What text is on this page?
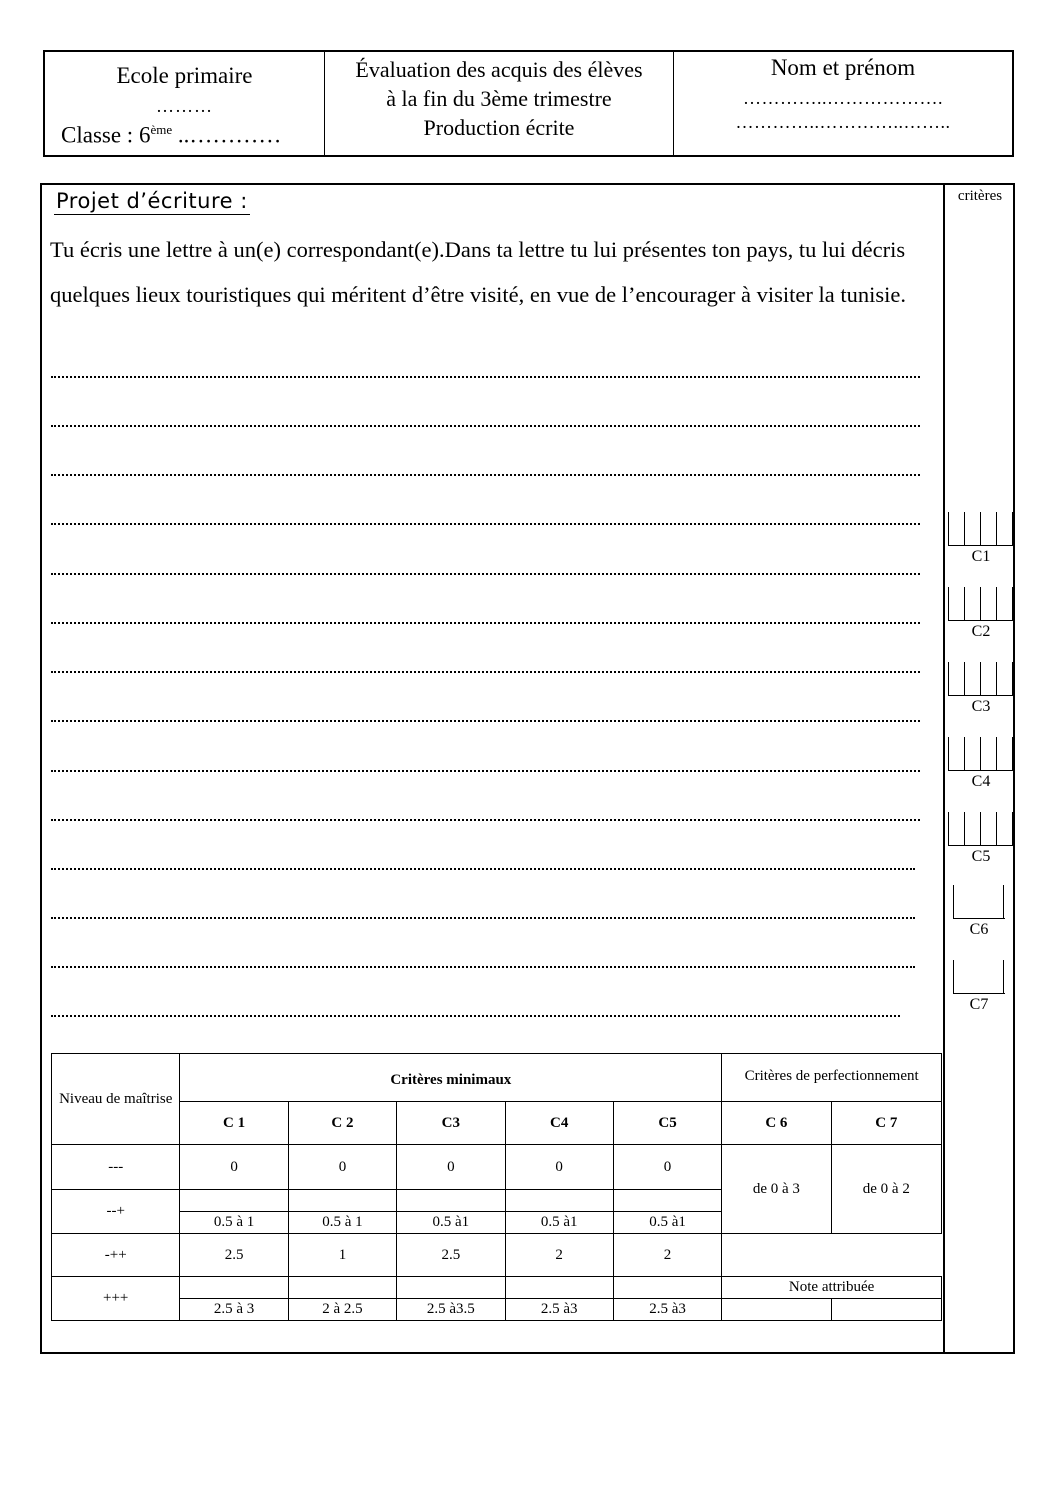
Ecole primaire
………
Classe : 6ème ..…………
Évaluation des acquis des élèves
à la fin du 3ème trimestre
Production écrite
Nom et prénom
…………..……………….
…………..…………..……..
critères
Projet d’écriture :
Tu écris une lettre à un(e) correspondant(e).Dans ta lettre tu lui présentes ton pays, tu lui décris quelques lieux touristiques qui méritent d’être visité, en vue de l’encourager à visiter la tunisie.
C1
C2
C3
C4
C5
C6
C7
Niveau de maîtrise	Critères minimaux					Critères de perfectionnement	
	C 1	C 2	C3	C4	C5	C 6	C 7
---	0	0	0	0	0	de 0 à 3	de 0 à 2
--+							
	0.5 à 1	0.5 à 1	0.5 à1	0.5 à1	0.5 à1		
-++	2.5	1	2.5	2	2		
+++						Note attribuée	
	2.5 à 3	2 à 2.5	2.5 à3.5	2.5 à3	2.5 à3		
